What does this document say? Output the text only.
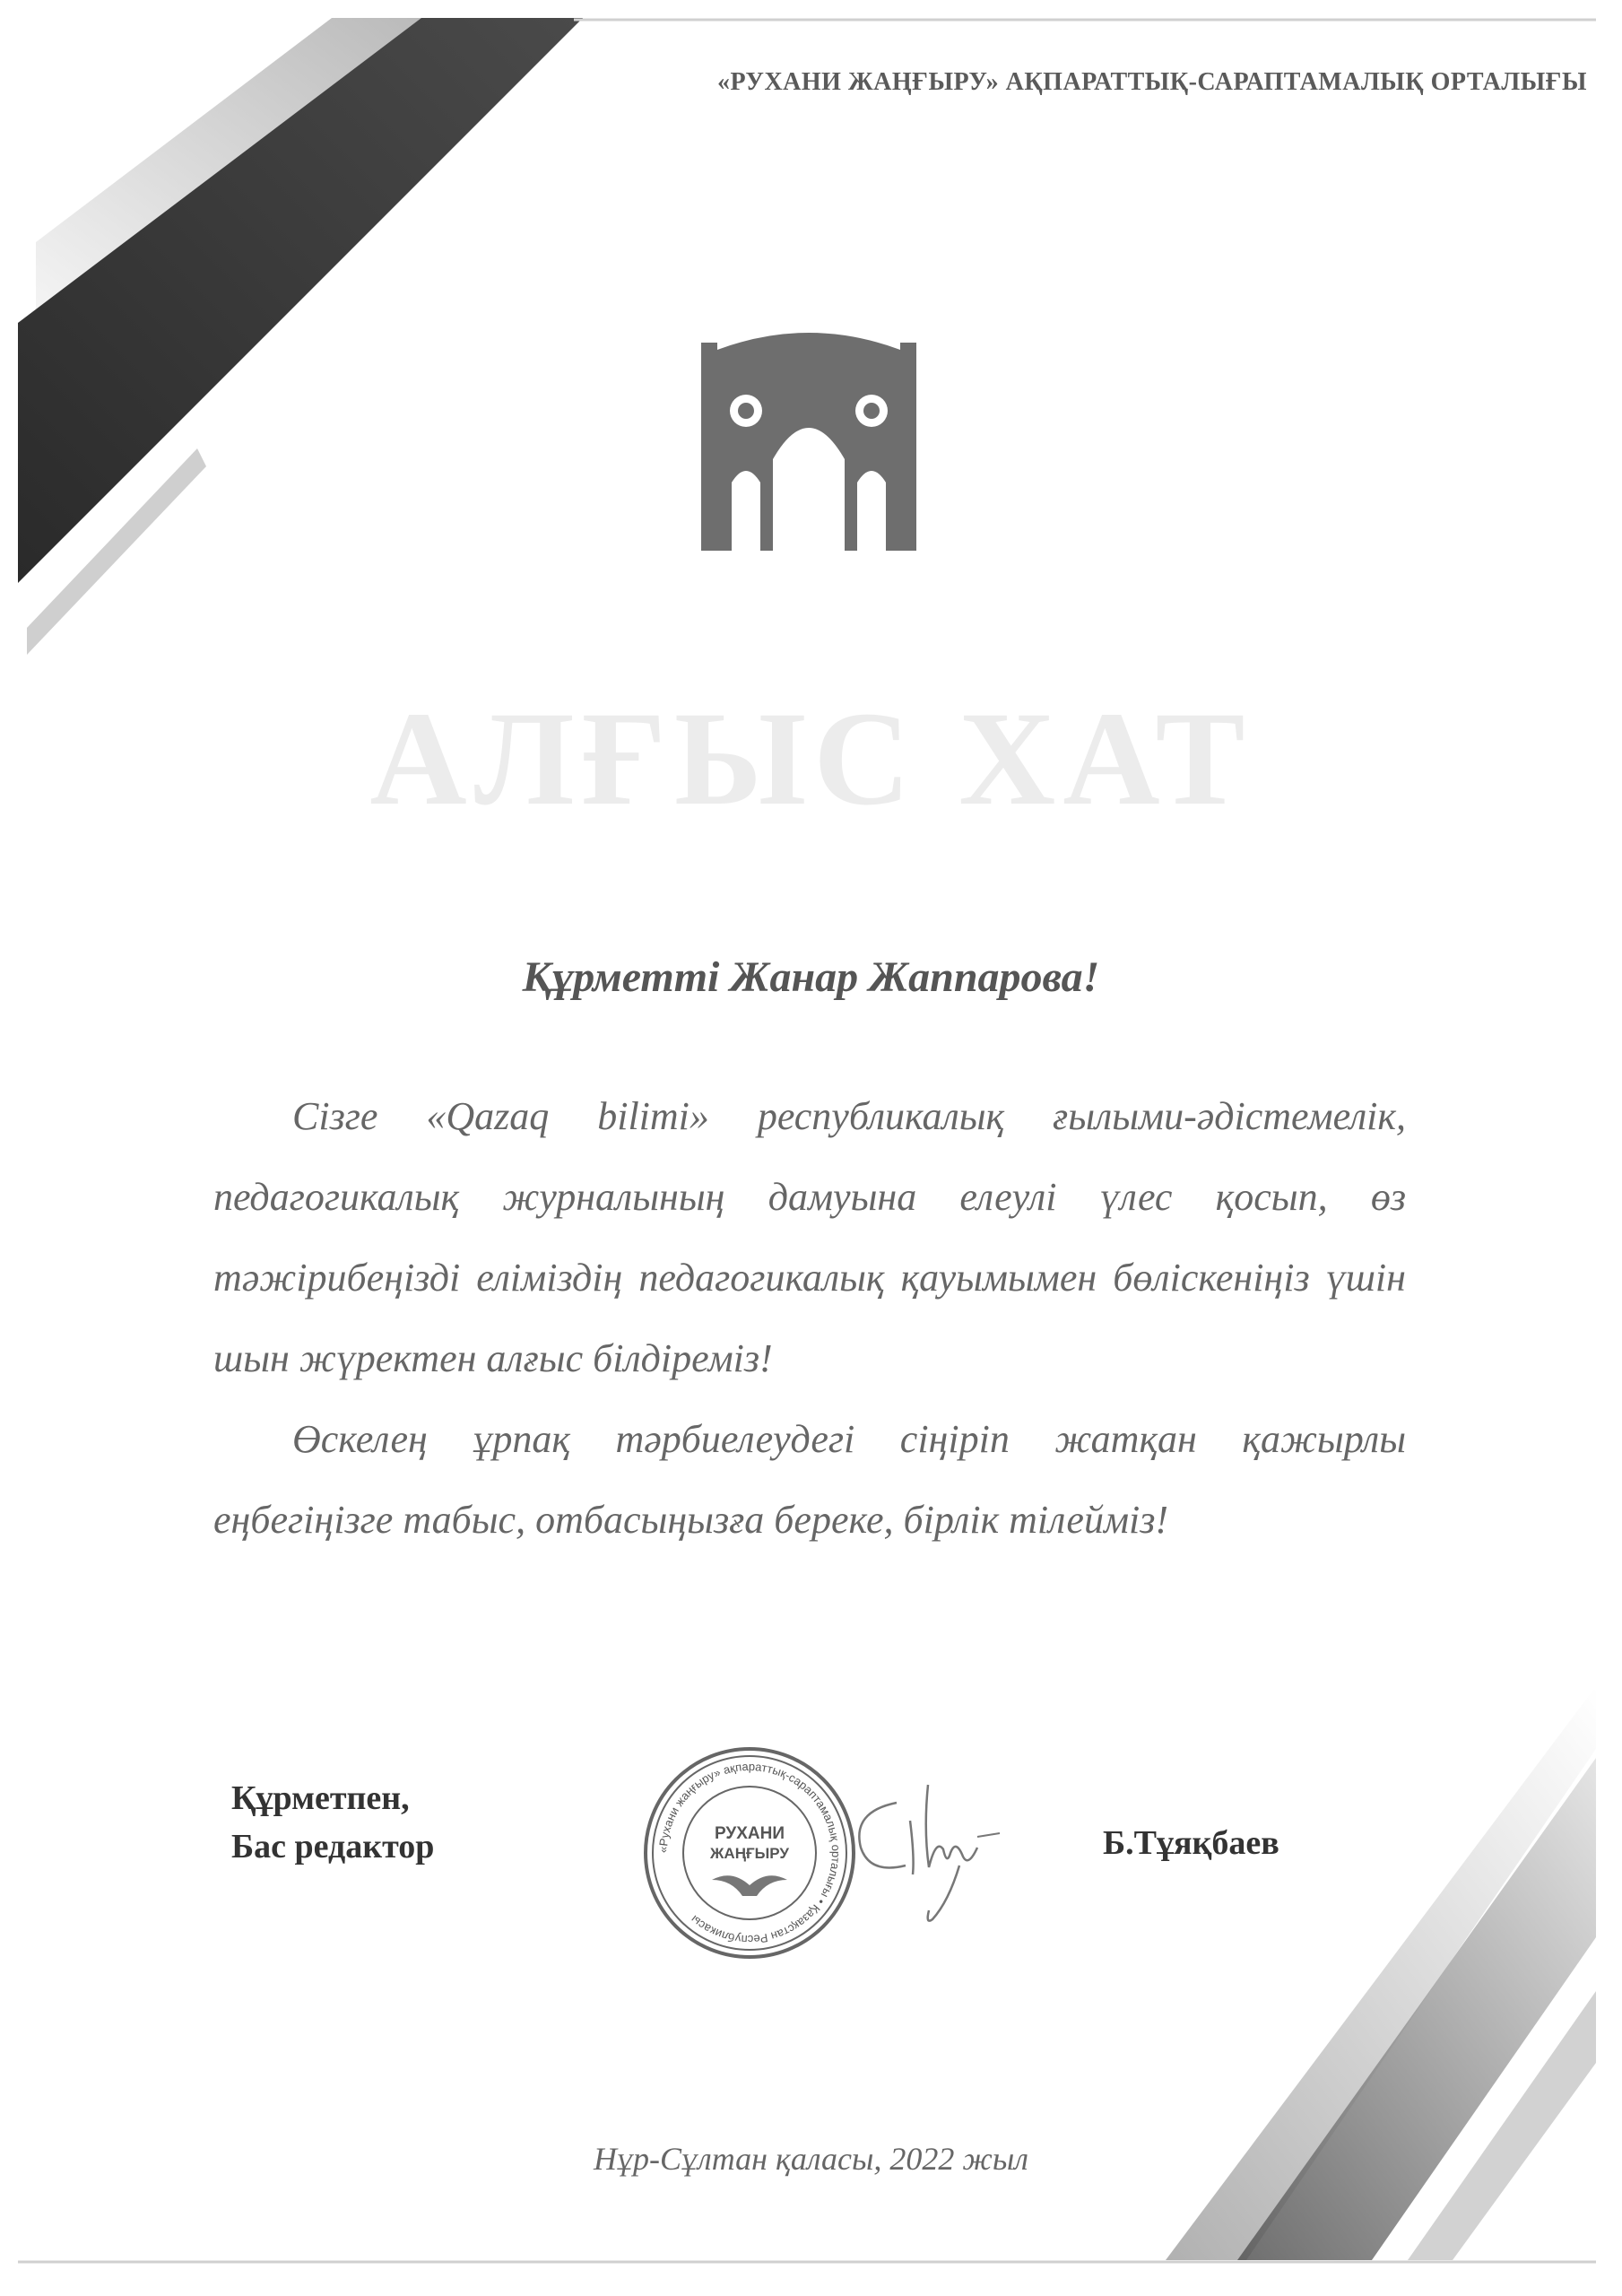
«РУХАНИ ЖАҢҒЫРУ» АҚПАРАТТЫҚ-САРАПТАМАЛЫҚ ОРТАЛЫҒЫ
АЛҒЫС ХАТ
Құрметті Жанар Жаппарова!

Сізге «Qazaq bilimi» республикалық ғылыми-әдістемелік, педагогикалық журналының дамуына елеулі үлес қосып, өз тәжірибеңізді еліміздің педагогикалық қауымымен бөлiскенiңiз үшін шын жүректен алғыс білдіреміз!

Өскелең ұрпақ тәрбиелеудегі сіңіріп жатқан қажырлы еңбегіңізге табыс, отбасыңызға береке, бірлік тілейміз!

Құрметпен,
Бас редактор	«Рухани жаңғыру» ақпараттық-сараптамалық орталығы • Қазақстан Республикасы
РУХАНИ
ЖАҢҒЫРУ	Б.Тұяқбаев
Нұр-Сұлтан қаласы, 2022 жыл
